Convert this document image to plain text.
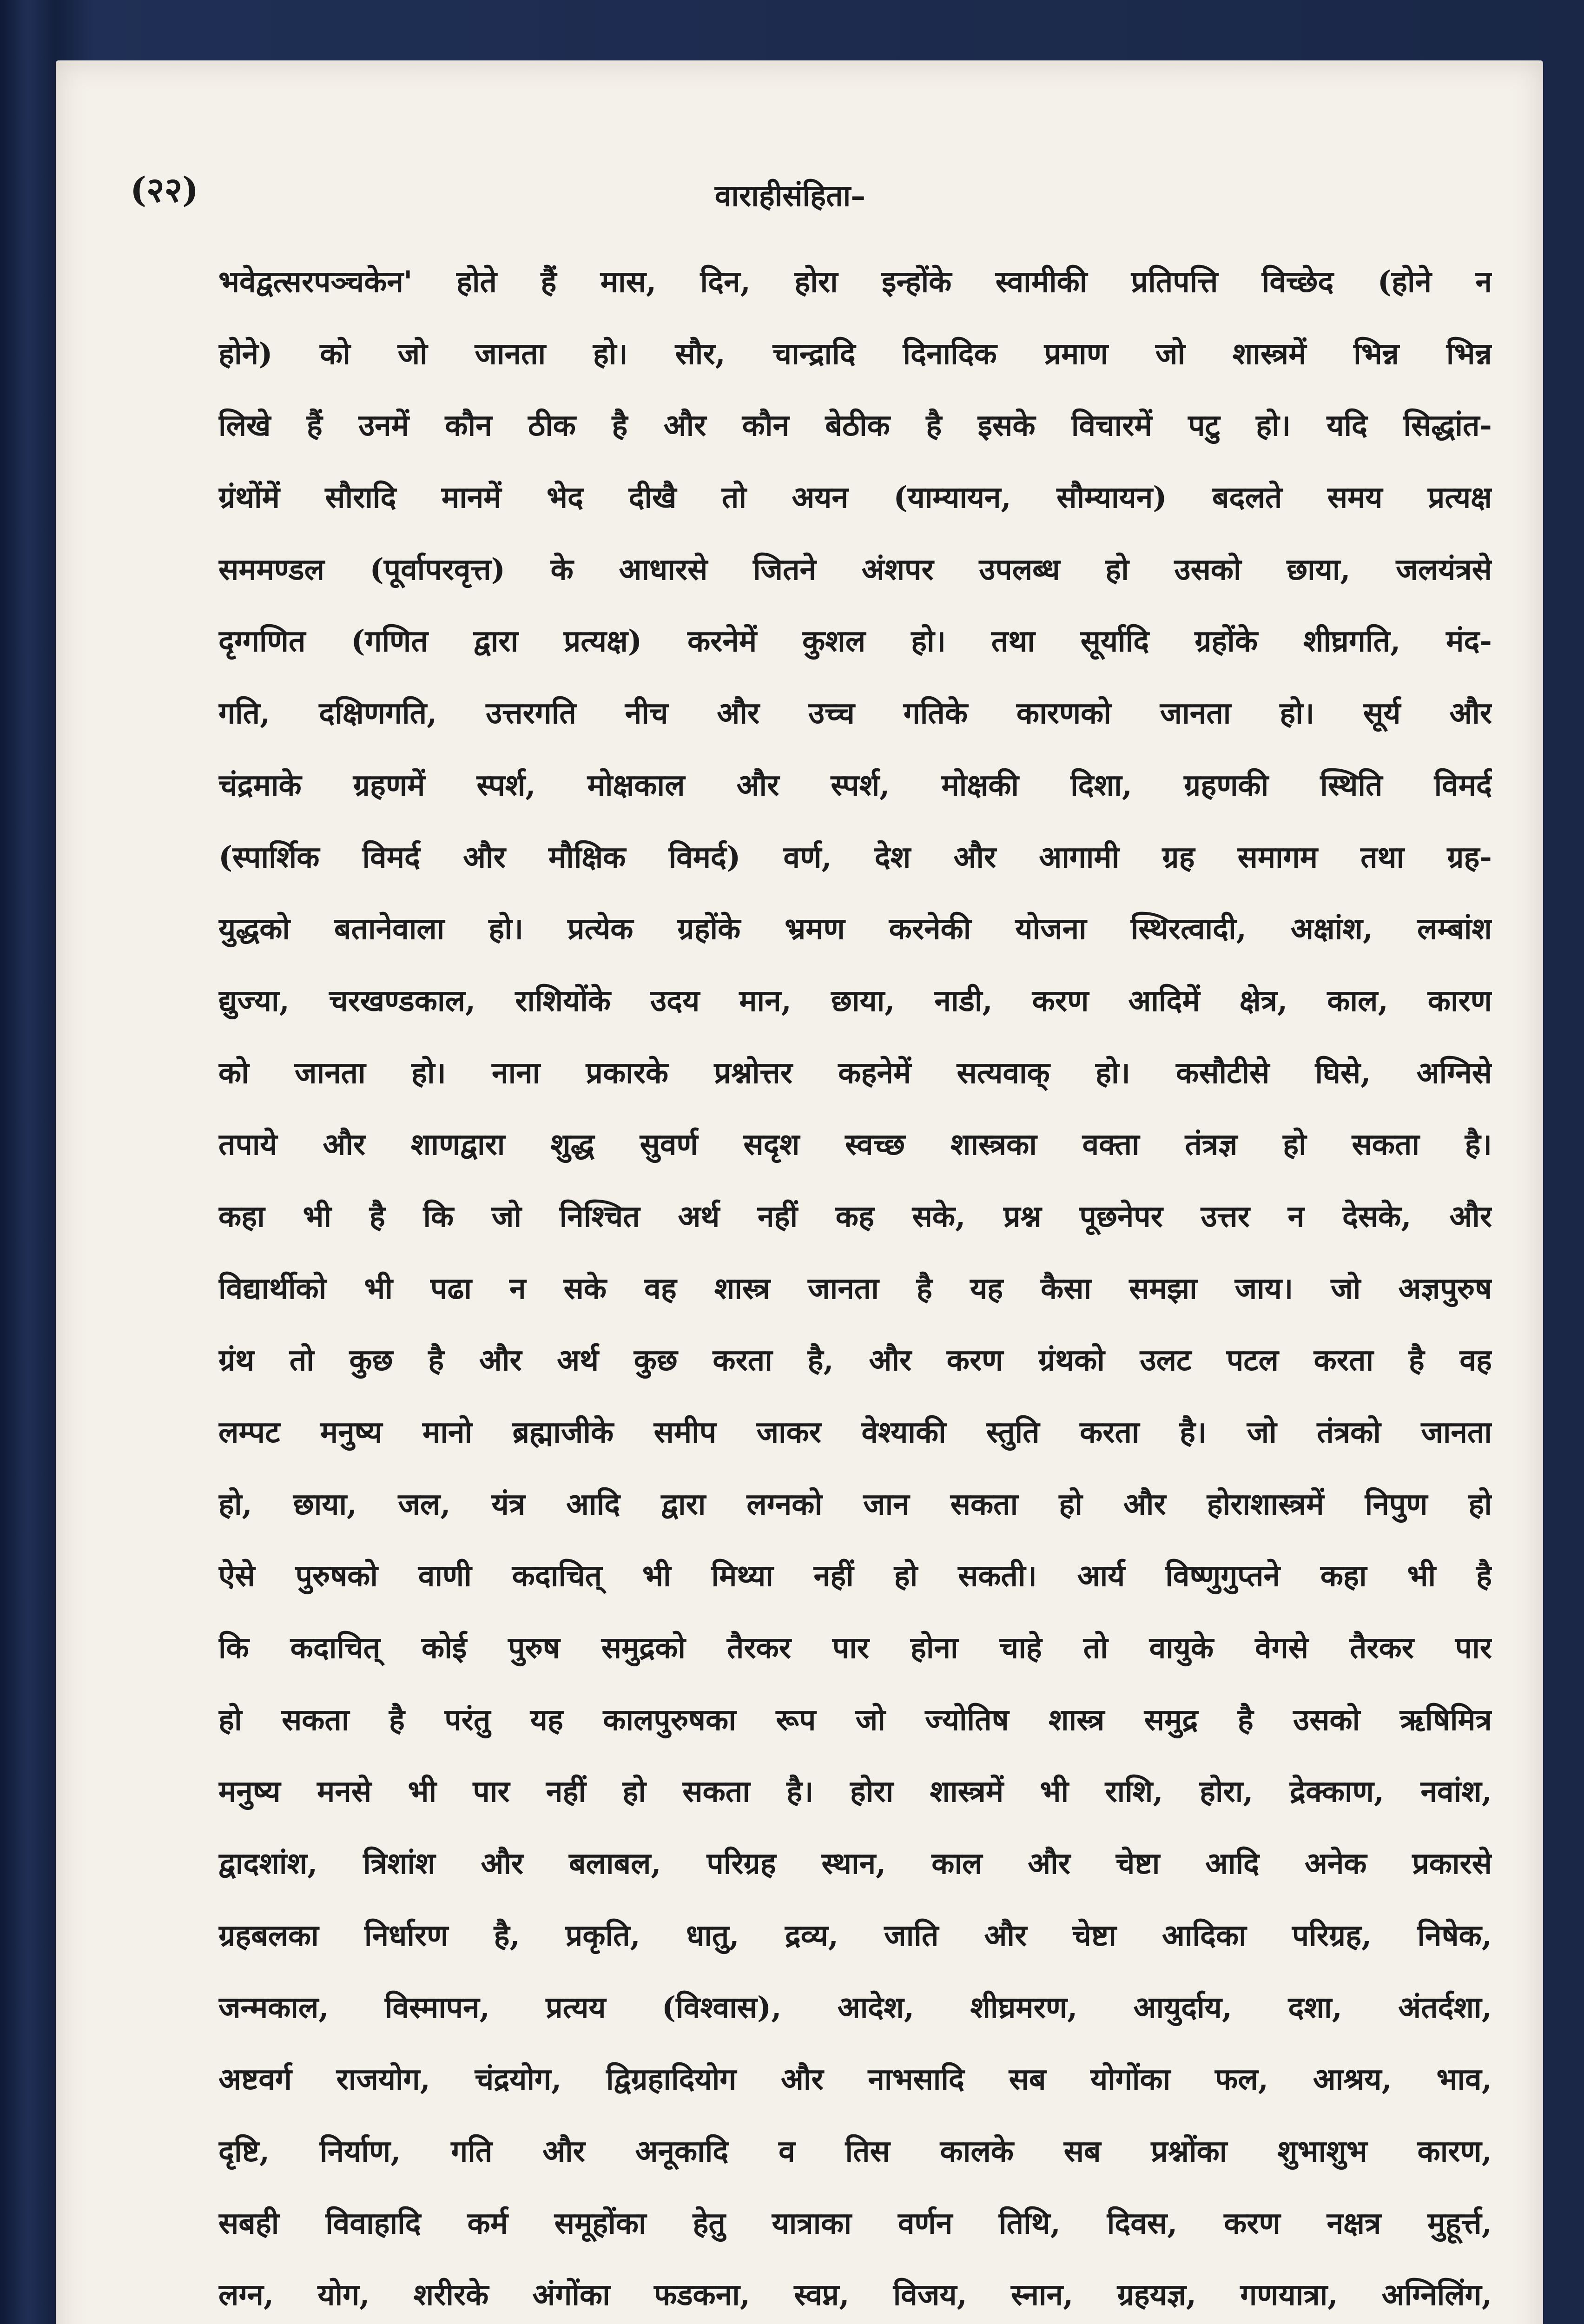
(२२)	वाराहीसंहिता–
भवेद्वत्सरपञ्चकेन' होते हैं मास, दिन, होरा इन्होंके स्वामीकी प्रतिपत्ति विच्छेद (होने न
होने) को जो जानता हो। सौर, चान्द्रादि दिनादिक प्रमाण जो शास्त्रमें भिन्न भिन्न
लिखे हैं उनमें कौन ठीक है और कौन बेठीक है इसके विचारमें पटु हो। यदि सिद्धांत-
ग्रंथोंमें सौरादि मानमें भेद दीखै तो अयन (याम्यायन, सौम्यायन) बदलते समय प्रत्यक्ष
सममण्डल (पूर्वापरवृत्त) के आधारसे जितने अंशपर उपलब्ध हो उसको छाया, जलयंत्रसे
दृग्गणित (गणित द्वारा प्रत्यक्ष) करनेमें कुशल हो। तथा सूर्यादि ग्रहोंके शीघ्रगति, मंद-
गति, दक्षिणगति, उत्तरगति नीच और उच्च गतिके कारणको जानता हो। सूर्य और
चंद्रमाके ग्रहणमें स्पर्श, मोक्षकाल और स्पर्श, मोक्षकी दिशा, ग्रहणकी स्थिति विमर्द
(स्पार्शिक विमर्द और मौक्षिक विमर्द) वर्ण, देश और आगामी ग्रह समागम तथा ग्रह-
युद्धको बतानेवाला हो। प्रत्येक ग्रहोंके भ्रमण करनेकी योजना स्थिरत्वादी, अक्षांश, लम्बांश
द्युज्या, चरखण्डकाल, राशियोंके उदय मान, छाया, नाडी, करण आदिमें क्षेत्र, काल, कारण
को जानता हो। नाना प्रकारके प्रश्नोत्तर कहनेमें सत्यवाक् हो। कसौटीसे घिसे, अग्निसे
तपाये और शाणद्वारा शुद्ध सुवर्ण सदृश स्वच्छ शास्त्रका वक्ता तंत्रज्ञ हो सकता है।
कहा भी है कि जो निश्चित अर्थ नहीं कह सके, प्रश्न पूछनेपर उत्तर न देसके, और
विद्यार्थीको भी पढा न सके वह शास्त्र जानता है यह कैसा समझा जाय। जो अज्ञपुरुष
ग्रंथ तो कुछ है और अर्थ कुछ करता है, और करण ग्रंथको उलट पटल करता है वह
लम्पट मनुष्य मानो ब्रह्माजीके समीप जाकर वेश्याकी स्तुति करता है। जो तंत्रको जानता
हो, छाया, जल, यंत्र आदि द्वारा लग्नको जान सकता हो और होराशास्त्रमें निपुण हो
ऐसे पुरुषको वाणी कदाचित् भी मिथ्या नहीं हो सकती। आर्य विष्णुगुप्तने कहा भी है
कि कदाचित् कोई पुरुष समुद्रको तैरकर पार होना चाहे तो वायुके वेगसे तैरकर पार
हो सकता है परंतु यह कालपुरुषका रूप जो ज्योतिष शास्त्र समुद्र है उसको ऋषिमित्र
मनुष्य मनसे भी पार नहीं हो सकता है। होरा शास्त्रमें भी राशि, होरा, द्रेक्काण, नवांश,
द्वादशांश, त्रिशांश और बलाबल, परिग्रह स्थान, काल और चेष्टा आदि अनेक प्रकारसे
ग्रहबलका निर्धारण है, प्रकृति, धातु, द्रव्य, जाति और चेष्टा आदिका परिग्रह, निषेक,
जन्मकाल, विस्मापन, प्रत्यय (विश्वास), आदेश, शीघ्रमरण, आयुर्दाय, दशा, अंतर्दशा,
अष्टवर्ग राजयोग, चंद्रयोग, द्विग्रहादियोग और नाभसादि सब योगोंका फल, आश्रय, भाव,
दृष्टि, निर्याण, गति और अनूकादि व तिस कालके सब प्रश्नोंका शुभाशुभ कारण,
सबही विवाहादि कर्म समूहोंका हेतु यात्राका वर्णन तिथि, दिवस, करण नक्षत्र मुहूर्त्त,
लग्न, योग, शरीरके अंगोंका फडकना, स्वप्न, विजय, स्नान, ग्रहयज्ञ, गणयात्रा, अग्निलिंग,
